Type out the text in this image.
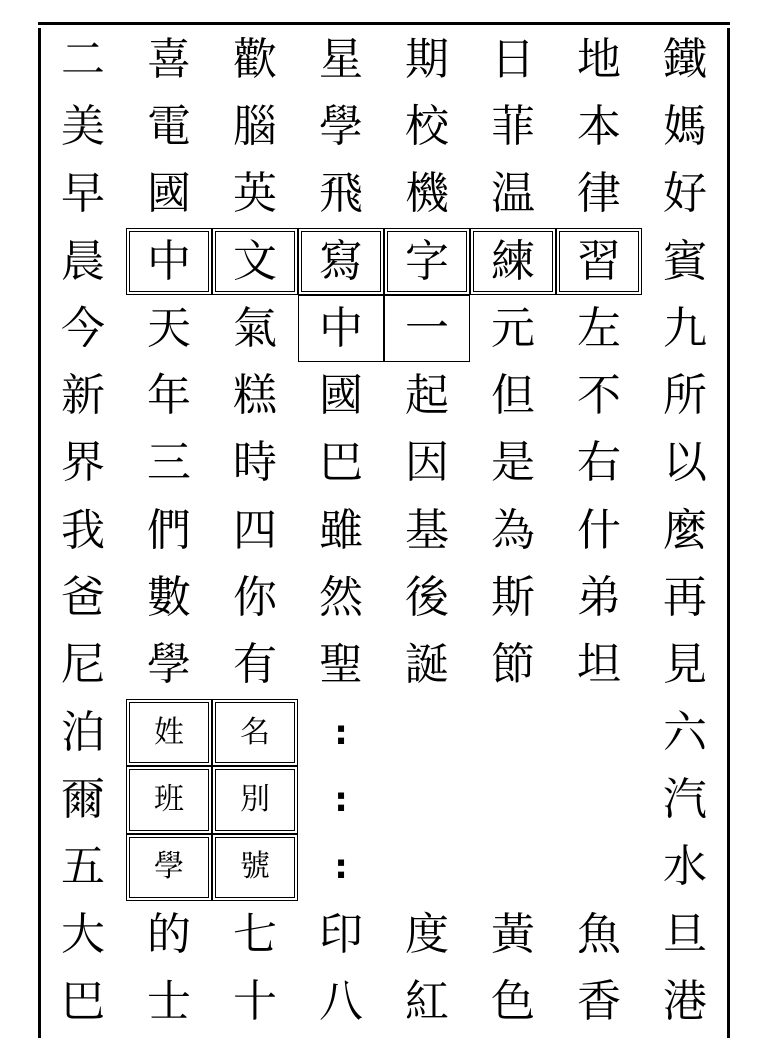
二 喜 歡 星 期 日 地 鐵
美 電 腦 學 校 菲 本 媽
早 國 英 飛 機 温 律 好
晨 中 文 寫 字 練 習 賓
今 天 氣 中 一 元 左 九
新 年 糕 國 起 但 不 所
界 三 時 巴 因 是 右 以
我 們 四 雖 基 為 什 麼
爸 數 你 然 後 斯 弟 再
尼 學 有 聖 誕 節 坦 見
泊	姓	名	:	六
爾	班	別	:	汽
五	學	號	:	水
大 的 七 印 度 黃 魚 旦
巴 士 十 八 紅 色 香 港
